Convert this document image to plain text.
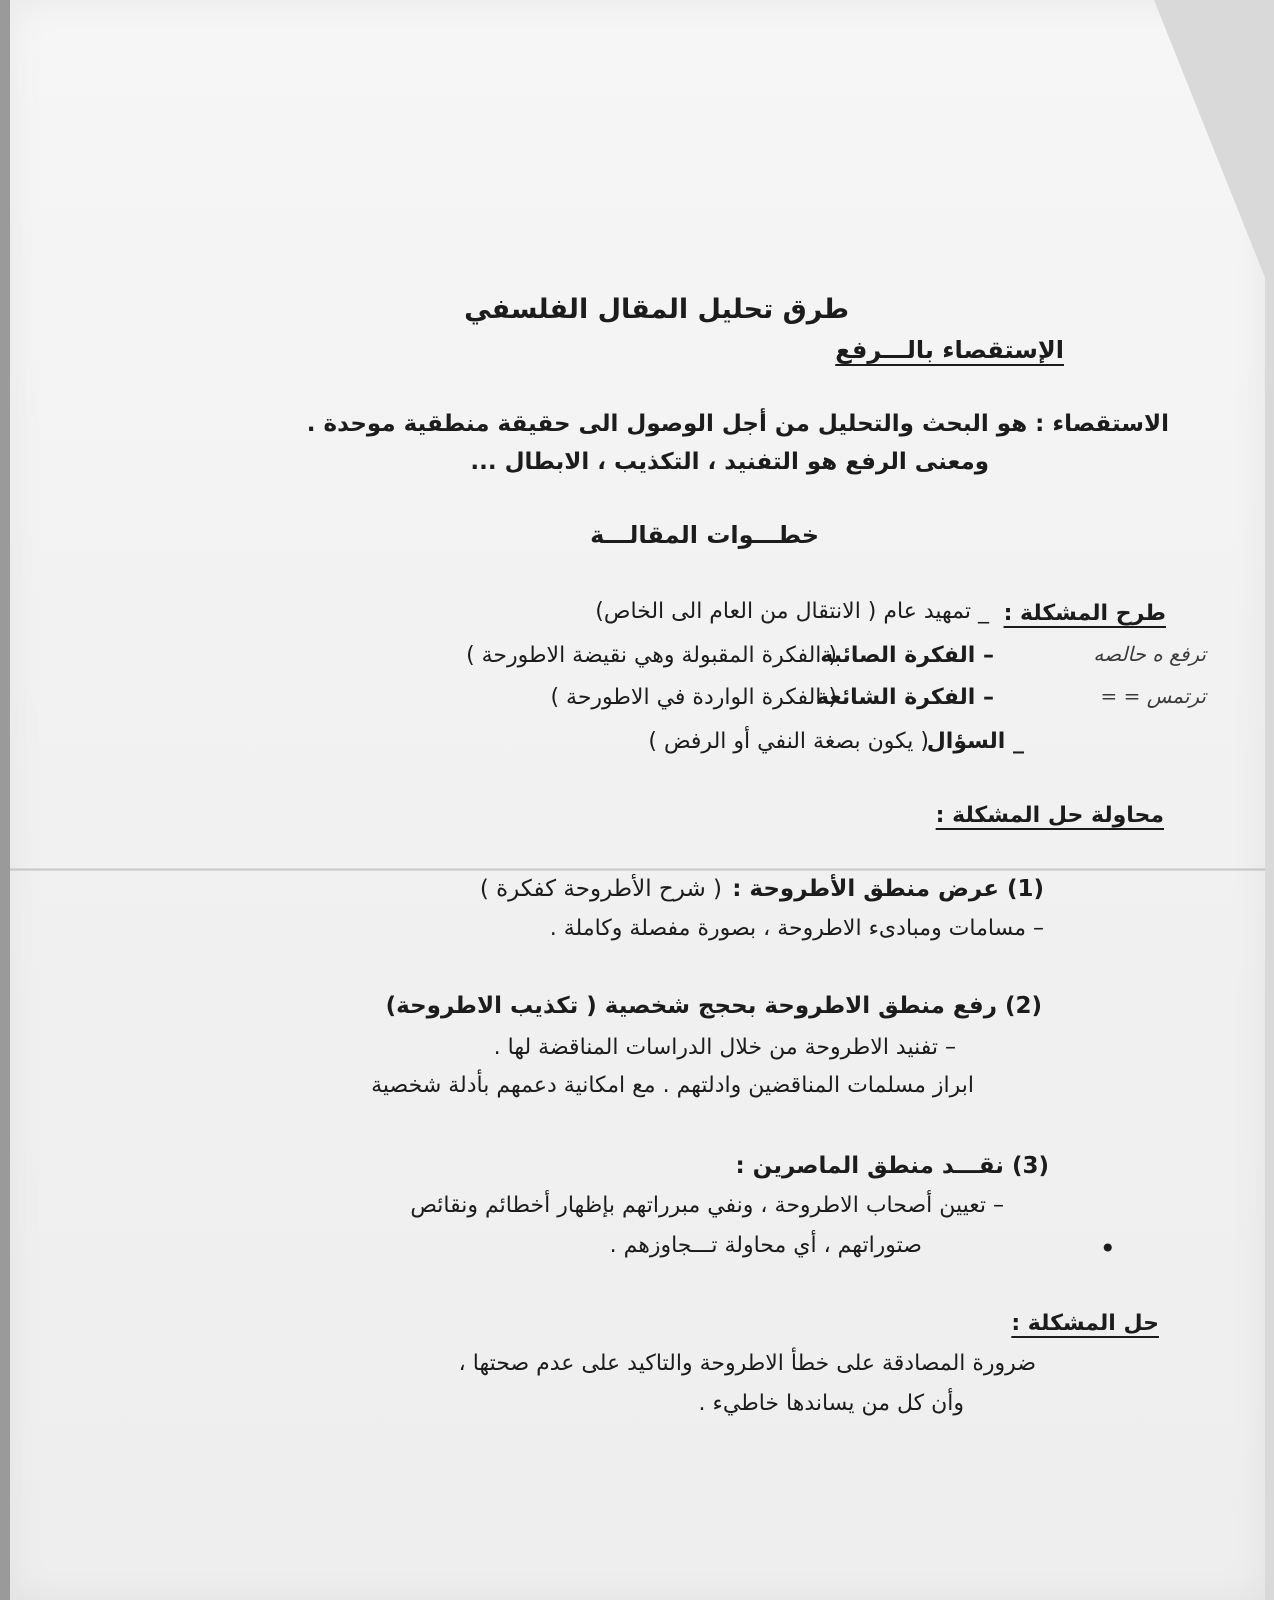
طرق تحليل المقال الفلسفي
الإستقصاء بالـــرفع
الاستقصاء : هو البحث والتحليل من أجل الوصول الى حقيقة منطقية موحدة .
ومعنى الرفع هو التفنيد ، التكذيب ، الابطال ...
خطـــوات المقالـــة
طرح المشكلة :
_ تمهيد عام ( الانتقال من العام الى الخاص)
– الفكرة الصائبة
( الفكرة المقبولة وهي نقيضة الاطورحة )
– الفكرة الشائعة
( الفكرة الواردة في الاطورحة )
_ السؤال
( يكون بصغة النفي أو الرفض )
ترفع ه حالصه
ترتمس = =
محاولة حل المشكلة :
(1) عرض منطق الأطروحة :
( شرح الأطروحة كفكرة )
– مسامات ومبادىء الاطروحة ، بصورة مفصلة وكاملة .
(2) رفع منطق الاطروحة بحجج شخصية ( تكذيب الاطروحة)
– تفنيد الاطروحة من خلال الدراسات المناقضة لها .
ابراز مسلمات المناقضين وادلتهم . مع امكانية دعمهم بأدلة شخصية
(3) نقـــد منطق الماصرين :
– تعيين أصحاب الاطروحة ، ونفي مبرراتهم بإظهار أخطائم ونقائص
صتوراتهم ، أي محاولة تـــجاوزهم .	•
حل المشكلة :
ضرورة المصادقة على خطأ الاطروحة والتاكيد على عدم صحتها ،
وأن كل من يساندها خاطيء .
